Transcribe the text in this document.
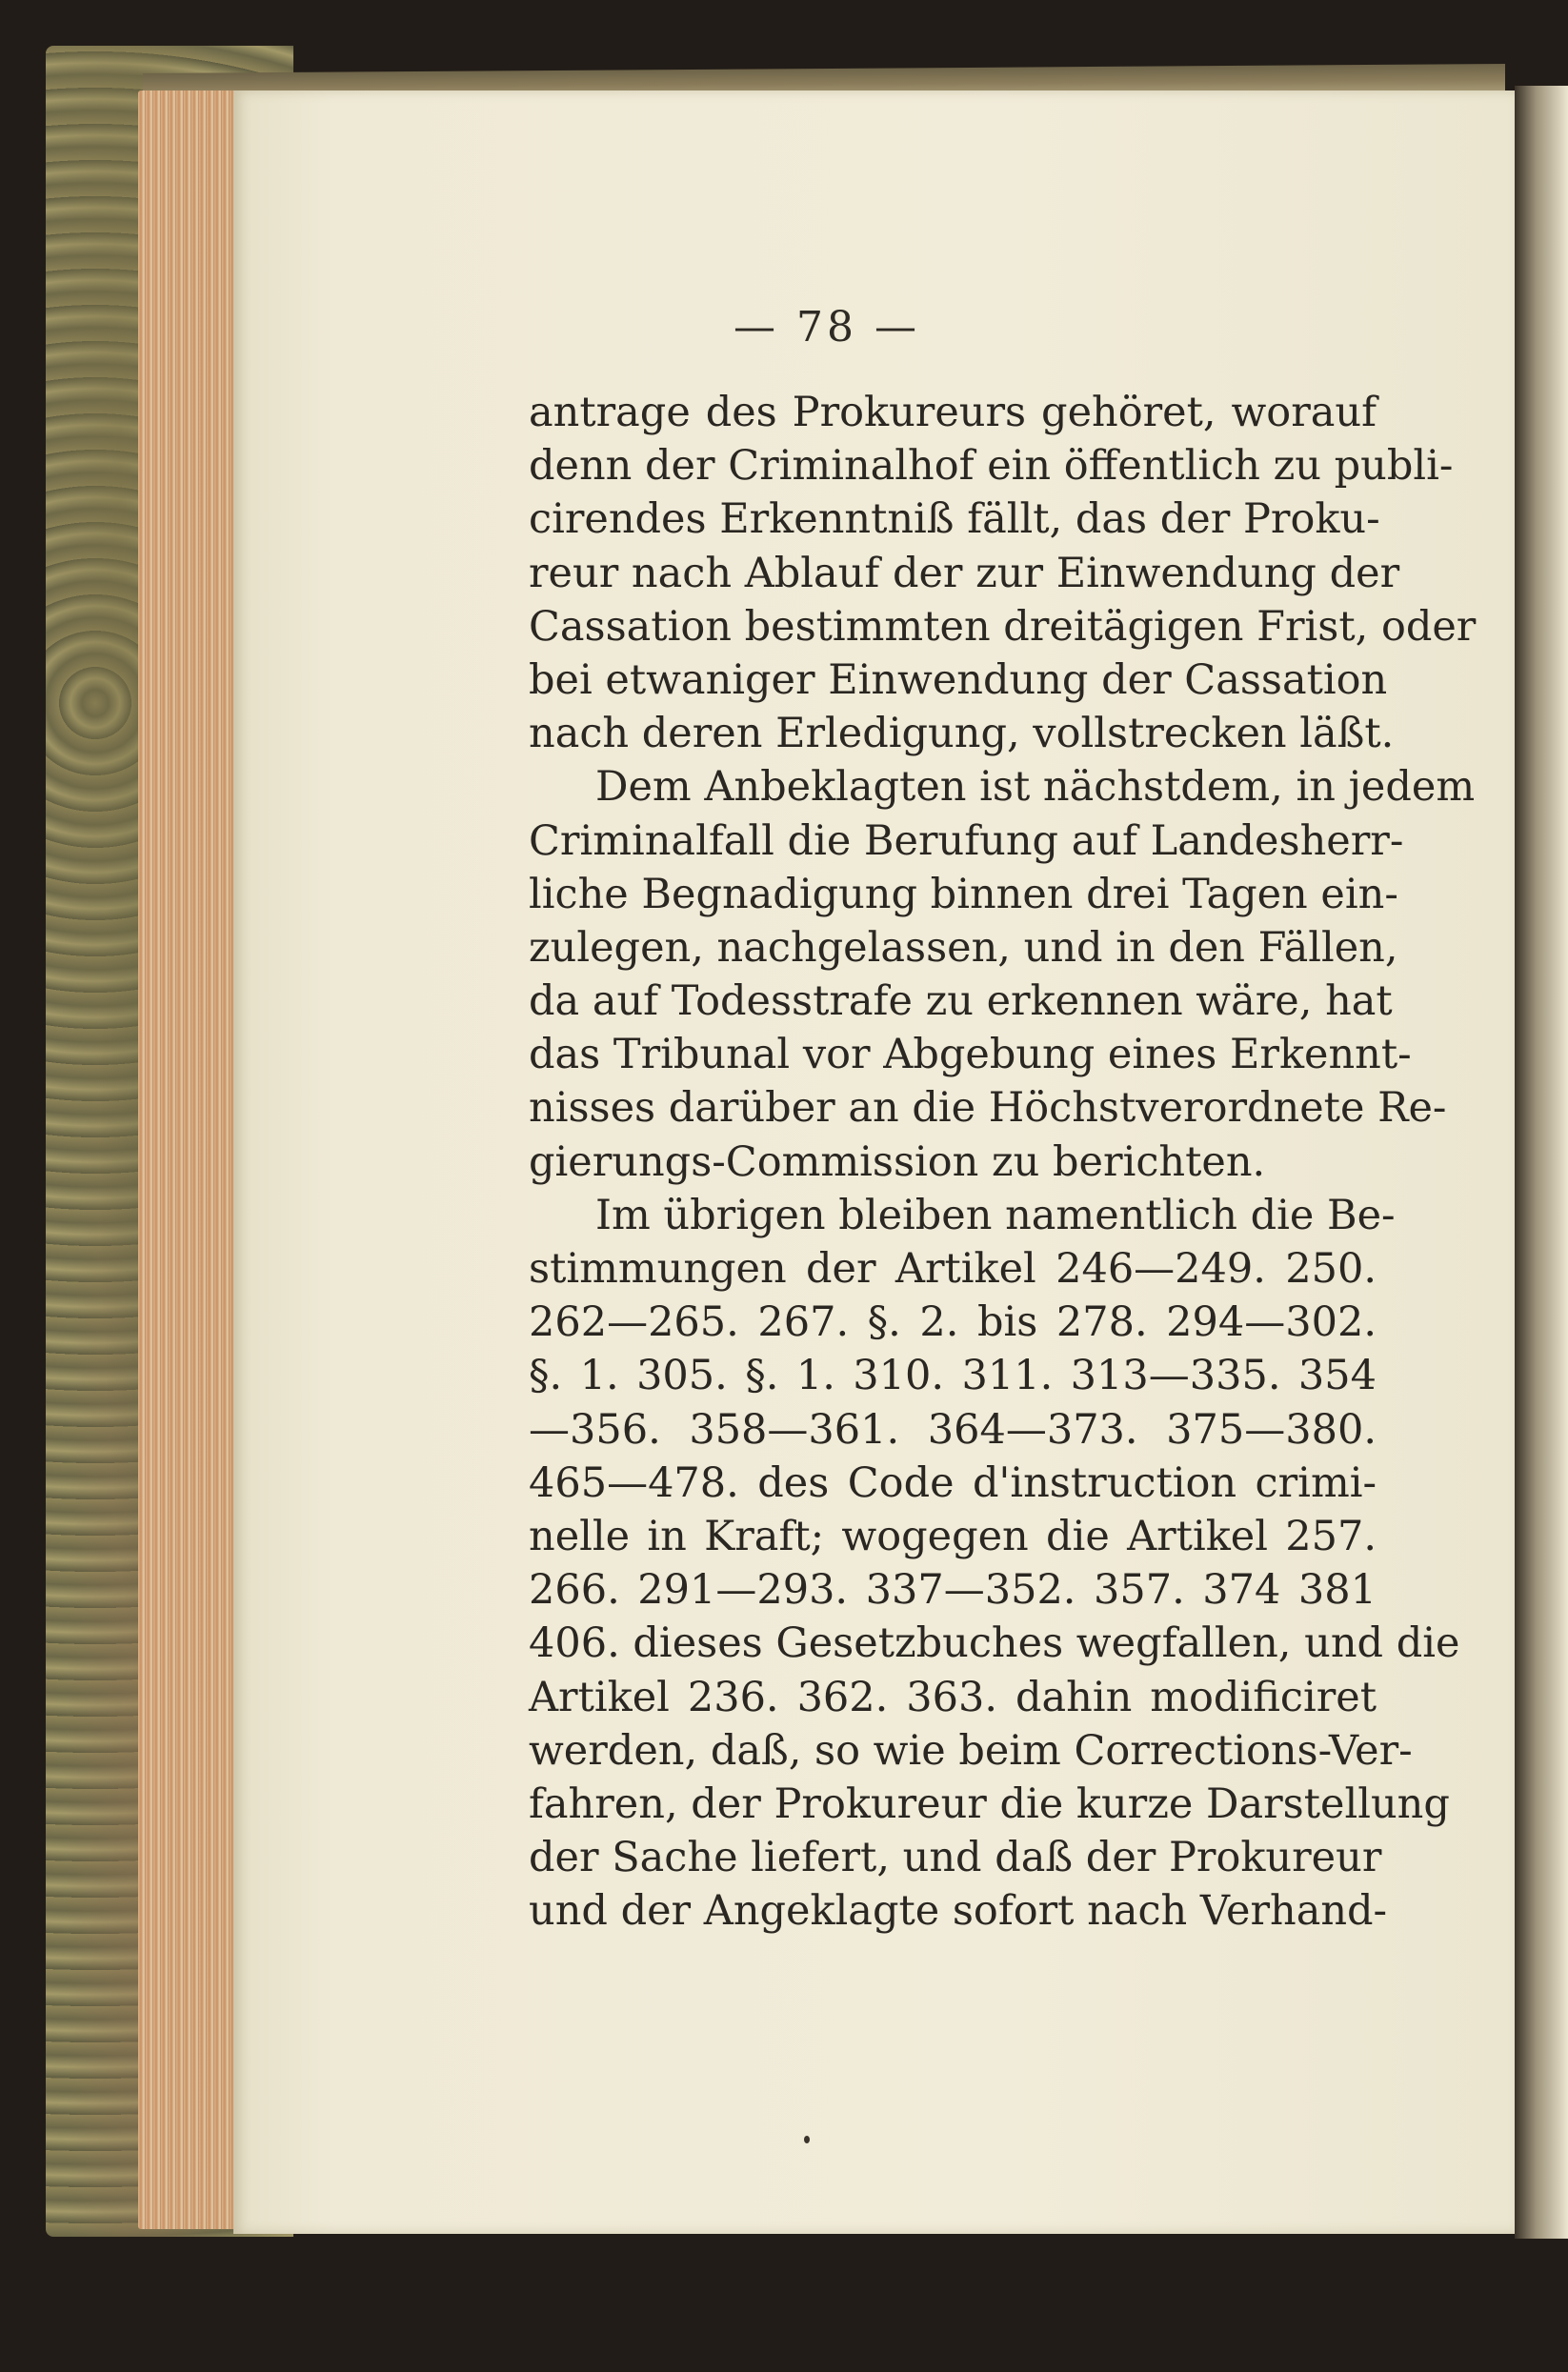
— 78 —
antrage des Prokureurs gehöret, worauf
denn der Criminalhof ein öffentlich zu publi-
cirendes Erkenntniß fällt, das der Proku-
reur nach Ablauf der zur Einwendung der
Cassation bestimmten dreitägigen Frist, oder
bei etwaniger Einwendung der Cassation
nach deren Erledigung, vollstrecken läßt.
Dem Anbeklagten ist nächstdem, in jedem
Criminalfall die Berufung auf Landesherr-
liche Begnadigung binnen drei Tagen ein-
zulegen, nachgelassen, und in den Fällen,
da auf Todesstrafe zu erkennen wäre, hat
das Tribunal vor Abgebung eines Erkennt-
nisses darüber an die Höchstverordnete Re-
gierungs-Commission zu berichten.
Im übrigen bleiben namentlich die Be-
stimmungen der Artikel 246—249. 250.
262—265. 267. §. 2. bis 278. 294—302.
§. 1. 305. §. 1. 310. 311. 313—335. 354
—356. 358—361. 364—373. 375—380.
465—478. des Code d'instruction crimi-
nelle in Kraft; wogegen die Artikel 257.
266. 291—293. 337—352. 357. 374 381
406. dieses Gesetzbuches wegfallen, und die
Artikel 236. 362. 363. dahin modificiret
werden, daß, so wie beim Corrections-Ver-
fahren, der Prokureur die kurze Darstellung
der Sache liefert, und daß der Prokureur
und der Angeklagte sofort nach Verhand-
